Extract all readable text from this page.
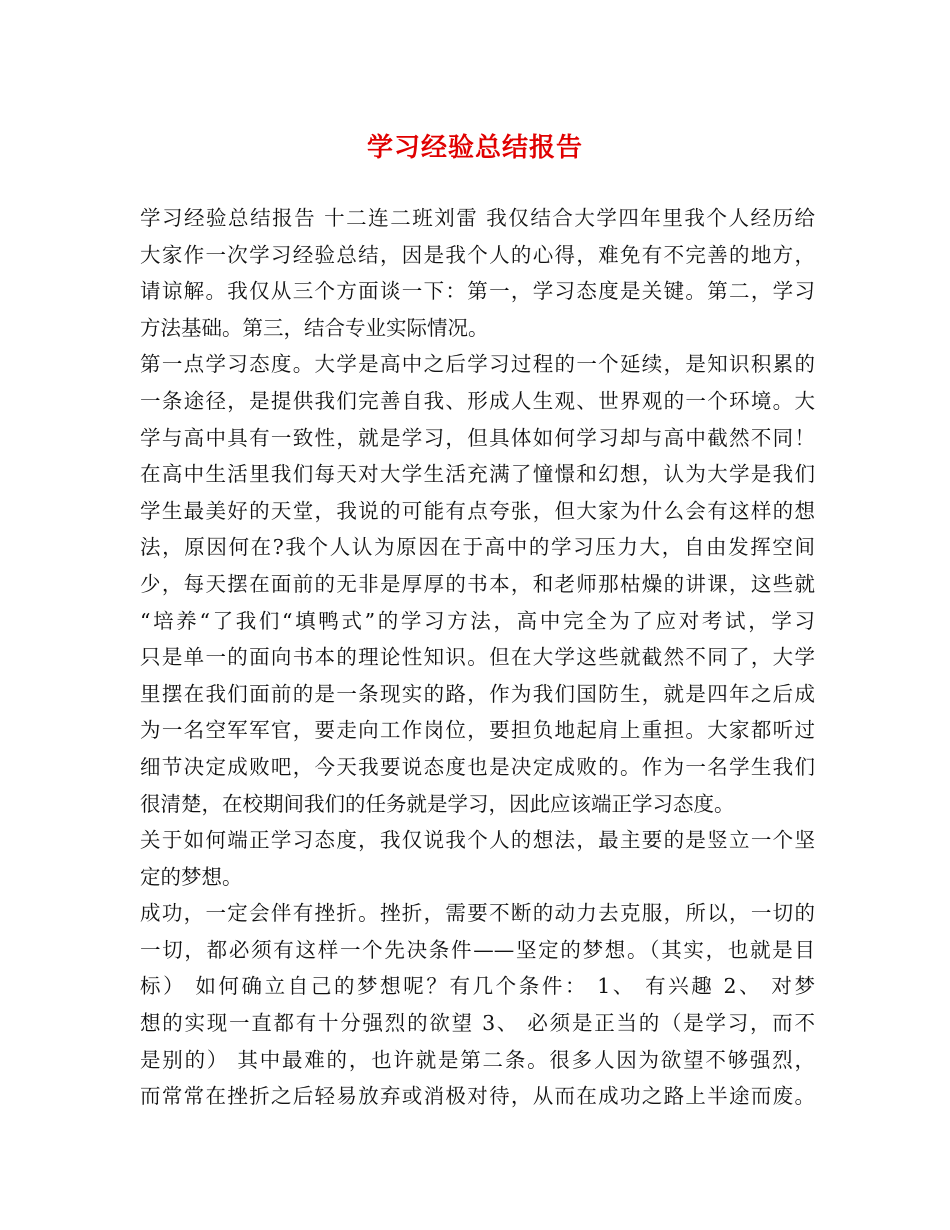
学习经验总结报告
学习经验总结报告 十二连二班刘雷 我仅结合大学四年里我个人经历给
大家作一次学习经验总结，因是我个人的心得，难免有不完善的地方，
请谅解。我仅从三个方面谈一下：第一，学习态度是关键。第二，学习
方法基础。第三，结合专业实际情况。
第一点学习态度。大学是高中之后学习过程的一个延续，是知识积累的
一条途径，是提供我们完善自我、形成人生观、世界观的一个环境。大
学与高中具有一致性，就是学习，但具体如何学习却与高中截然不同！
在高中生活里我们每天对大学生活充满了憧憬和幻想，认为大学是我们
学生最美好的天堂，我说的可能有点夸张，但大家为什么会有这样的想
法，原因何在?我个人认为原因在于高中的学习压力大，自由发挥空间
少，每天摆在面前的无非是厚厚的书本，和老师那枯燥的讲课，这些就
“培养“了我们“填鸭式”的学习方法，高中完全为了应对考试，学习
只是单一的面向书本的理论性知识。但在大学这些就截然不同了，大学
里摆在我们面前的是一条现实的路，作为我们国防生，就是四年之后成
为一名空军军官，要走向工作岗位，要担负地起肩上重担。大家都听过
细节决定成败吧，今天我要说态度也是决定成败的。作为一名学生我们
很清楚，在校期间我们的任务就是学习，因此应该端正学习态度。
关于如何端正学习态度，我仅说我个人的想法，最主要的是竖立一个坚
定的梦想。
成功，一定会伴有挫折。挫折，需要不断的动力去克服，所以，一切的
一切，都必须有这样一个先决条件——坚定的梦想。（其实，也就是目
标） 如何确立自己的梦想呢？有几个条件： 1、 有兴趣 2、 对梦
想的实现一直都有十分强烈的欲望 3、 必须是正当的（是学习，而不
是别的） 其中最难的，也许就是第二条。很多人因为欲望不够强烈，
而常常在挫折之后轻易放弃或消极对待，从而在成功之路上半途而废。
